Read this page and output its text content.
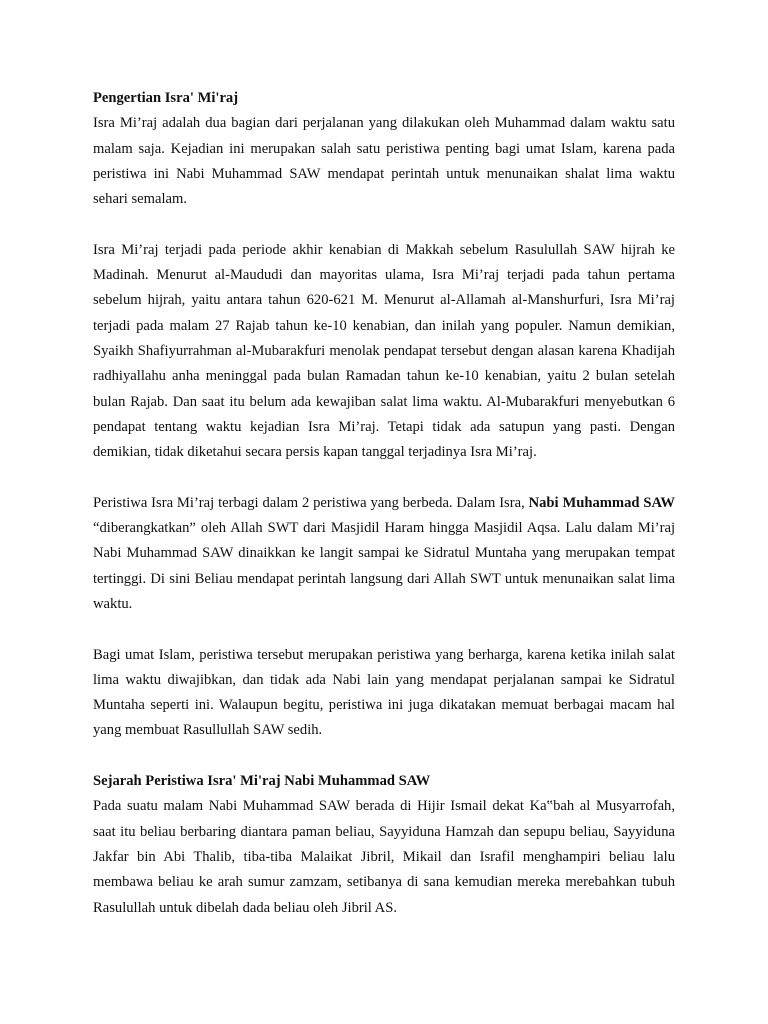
Pengertian Isra' Mi'raj

Isra Mi’raj adalah dua bagian dari perjalanan yang dilakukan oleh Muhammad dalam waktu satu malam saja. Kejadian ini merupakan salah satu peristiwa penting bagi umat Islam, karena pada peristiwa ini Nabi Muhammad SAW mendapat perintah untuk menunaikan shalat lima waktu sehari semalam.

Isra Mi’raj terjadi pada periode akhir kenabian di Makkah sebelum Rasulullah SAW hijrah ke Madinah. Menurut al-Maududi dan mayoritas ulama, Isra Mi’raj terjadi pada tahun pertama sebelum hijrah, yaitu antara tahun 620-621 M. Menurut al-Allamah al-Manshurfuri, Isra Mi’raj terjadi pada malam 27 Rajab tahun ke-10 kenabian, dan inilah yang populer. Namun demikian, Syaikh Shafiyurrahman al-Mubarakfuri menolak pendapat tersebut dengan alasan karena Khadijah radhiyallahu anha meninggal pada bulan Ramadan tahun ke-10 kenabian, yaitu 2 bulan setelah bulan Rajab. Dan saat itu belum ada kewajiban salat lima waktu. Al-Mubarakfuri menyebutkan 6 pendapat tentang waktu kejadian Isra Mi’raj. Tetapi tidak ada satupun yang pasti. Dengan demikian, tidak diketahui secara persis kapan tanggal terjadinya Isra Mi’raj.

Peristiwa Isra Mi’raj terbagi dalam 2 peristiwa yang berbeda. Dalam Isra, Nabi Muhammad SAW “diberangkatkan” oleh Allah SWT dari Masjidil Haram hingga Masjidil Aqsa. Lalu dalam Mi’raj Nabi Muhammad SAW dinaikkan ke langit sampai ke Sidratul Muntaha yang merupakan tempat tertinggi. Di sini Beliau mendapat perintah langsung dari Allah SWT untuk menunaikan salat lima waktu.

Bagi umat Islam, peristiwa tersebut merupakan peristiwa yang berharga, karena ketika inilah salat lima waktu diwajibkan, dan tidak ada Nabi lain yang mendapat perjalanan sampai ke Sidratul Muntaha seperti ini. Walaupun begitu, peristiwa ini juga dikatakan memuat berbagai macam hal yang membuat Rasullullah SAW sedih.

Sejarah Peristiwa Isra' Mi'raj Nabi Muhammad SAW

Pada suatu malam Nabi Muhammad SAW berada di Hijir Ismail dekat Ka‟bah al Musyarrofah, saat itu beliau berbaring diantara paman beliau, Sayyiduna Hamzah dan sepupu beliau, Sayyiduna Jakfar bin Abi Thalib, tiba-tiba Malaikat Jibril, Mikail dan Israfil menghampiri beliau lalu membawa beliau ke arah sumur zamzam, setibanya di sana kemudian mereka merebahkan tubuh Rasulullah untuk dibelah dada beliau oleh Jibril AS.
